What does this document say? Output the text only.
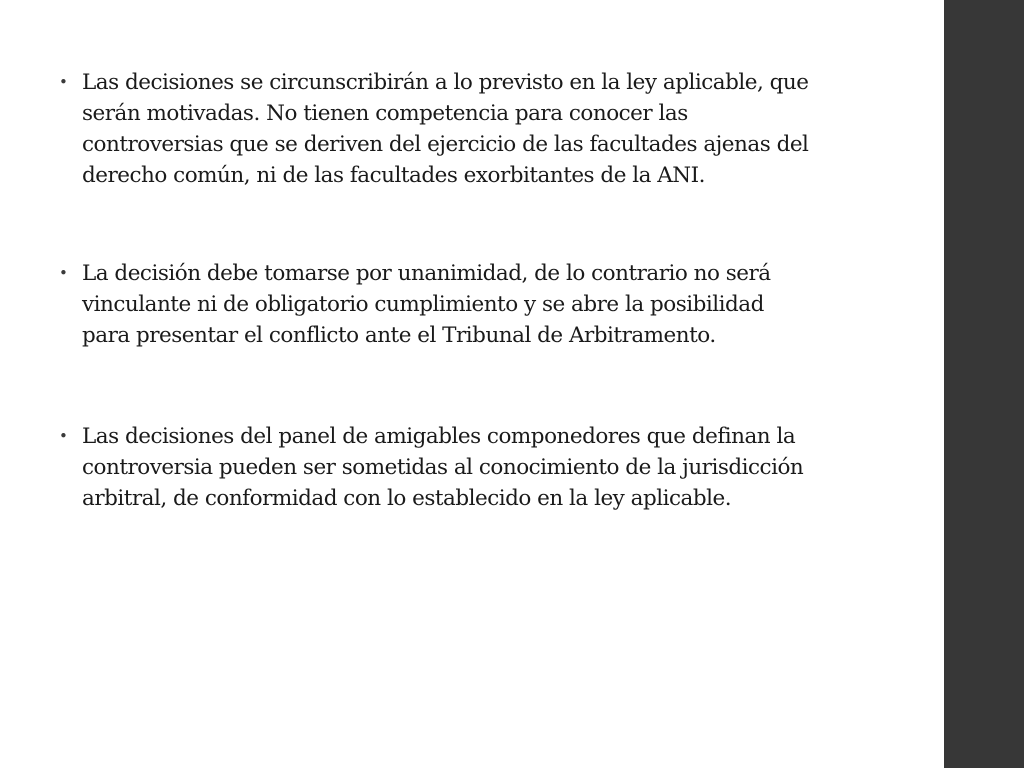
• Las decisiones se circunscribirán a lo previsto en la ley aplicable, que
serán motivadas. No tienen competencia para conocer las
controversias que se deriven del ejercicio de las facultades ajenas del
derecho común, ni de las facultades exorbitantes de la ANI.
• La decisión debe tomarse por unanimidad, de lo contrario no será
vinculante ni de obligatorio cumplimiento y se abre la posibilidad
para presentar el conflicto ante el Tribunal de Arbitramento.
• Las decisiones del panel de amigables componedores que definan la
controversia pueden ser sometidas al conocimiento de la jurisdicción
arbitral, de conformidad con lo establecido en la ley aplicable.
